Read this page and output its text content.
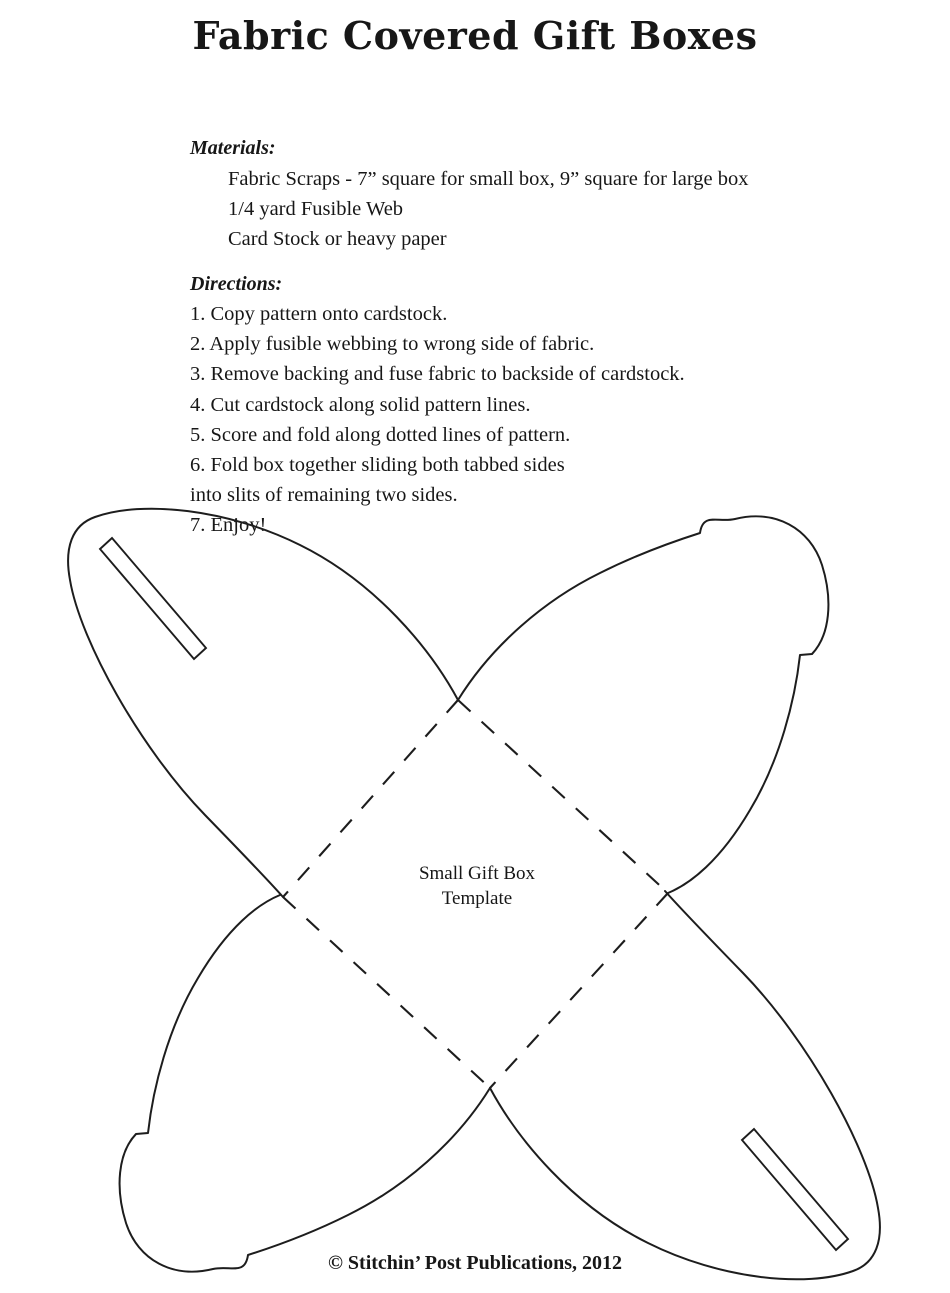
Fabric Covered Gift Boxes

Materials:

Fabric Scraps - 7” square for small box, 9” square for large box
1/4 yard Fusible Web
Card Stock or heavy paper

Directions:

1. Copy pattern onto cardstock.
2. Apply fusible webbing to wrong side of fabric.
3. Remove backing and fuse fabric to backside of cardstock.
4. Cut cardstock along solid pattern lines.
5. Score and fold along dotted lines of pattern.
6. Fold box together sliding both tabbed sides
into slits of remaining two sides.
7. Enjoy!
Small Gift Box
Template
© Stitchin’ Post Publications, 2012
